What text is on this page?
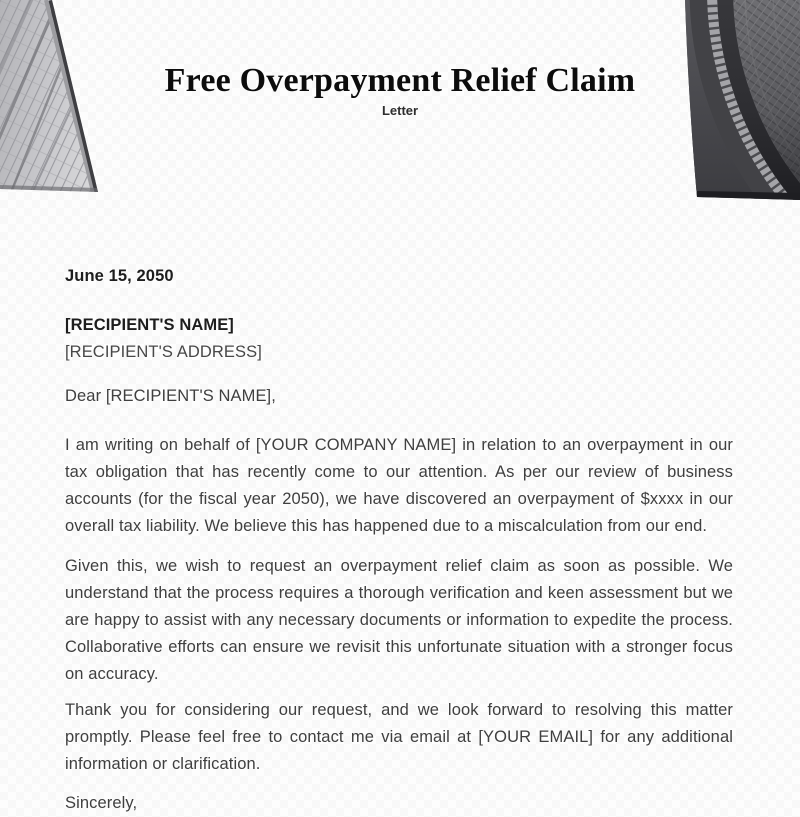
Free Overpayment Relief Claim
Letter

June 15, 2050

[RECIPIENT'S NAME]

[RECIPIENT'S ADDRESS]

Dear [RECIPIENT'S NAME],

I am writing on behalf of [YOUR COMPANY NAME] in relation to an overpayment in our tax obligation that has recently come to our attention. As per our review of business accounts (for the fiscal year 2050), we have discovered an overpayment of $xxxx in our overall tax liability. We believe this has happened due to a miscalculation from our end.

Given this, we wish to request an overpayment relief claim as soon as possible. We understand that the process requires a thorough verification and keen assessment but we are happy to assist with any necessary documents or information to expedite the process. Collaborative efforts can ensure we revisit this unfortunate situation with a stronger focus on accuracy.

Thank you for considering our request, and we look forward to resolving this matter promptly. Please feel free to contact me via email at [YOUR EMAIL] for any additional information or clarification.

Sincerely,
